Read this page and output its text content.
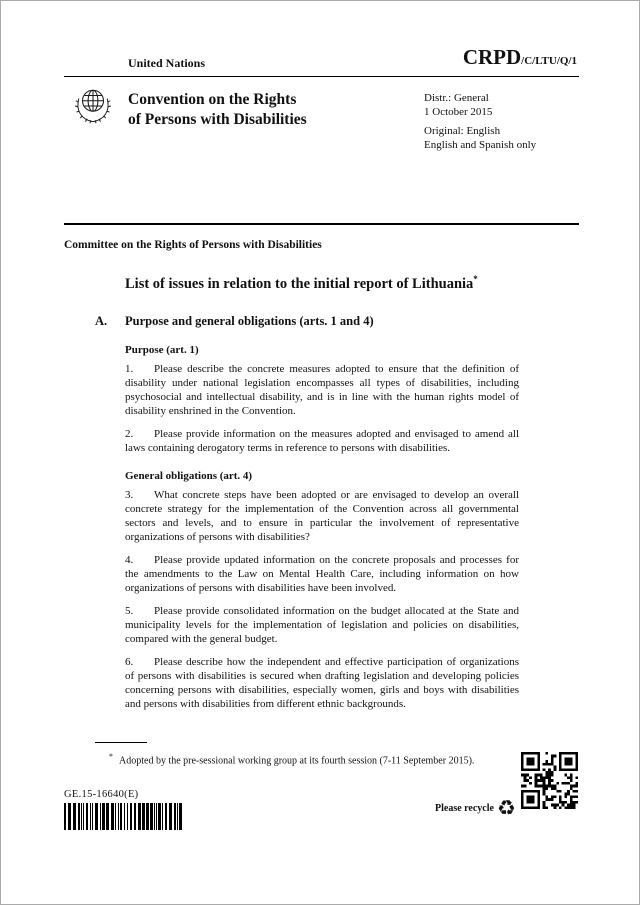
United Nations	CRPD/C/LTU/Q/1
Convention on the Rights
of Persons with Disabilities
Distr.: General
1 October 2015
Original: English
English and Spanish only
Committee on the Rights of Persons with Disabilities
List of issues in relation to the initial report of Lithuania*
A.	Purpose and general obligations (arts. 1 and 4)
Purpose (art. 1)

1. Please describe the concrete measures adopted to ensure that the definition of disability under national legislation encompasses all types of disabilities, including psychosocial and intellectual disability, and is in line with the human rights model of disability enshrined in the Convention.

2. Please provide information on the measures adopted and envisaged to amend all laws containing derogatory terms in reference to persons with disabilities.

General obligations (art. 4)

3. What concrete steps have been adopted or are envisaged to develop an overall concrete strategy for the implementation of the Convention across all governmental sectors and levels, and to ensure in particular the involvement of representative organizations of persons with disabilities?

4. Please provide updated information on the concrete proposals and processes for the amendments to the Law on Mental Health Care, including information on how organizations of persons with disabilities have been involved.

5. Please provide consolidated information on the budget allocated at the State and municipality levels for the implementation of legislation and policies on disabilities, compared with the general budget.

6. Please describe how the independent and effective participation of organizations of persons with disabilities is secured when drafting legislation and developing policies concerning persons with disabilities, especially women, girls and boys with disabilities and persons with disabilities from different ethnic backgrounds.

* Adopted by the pre-sessional working group at its fourth session (7-11 September 2015).
GE.15-16640(E)
Please recycle ♻
